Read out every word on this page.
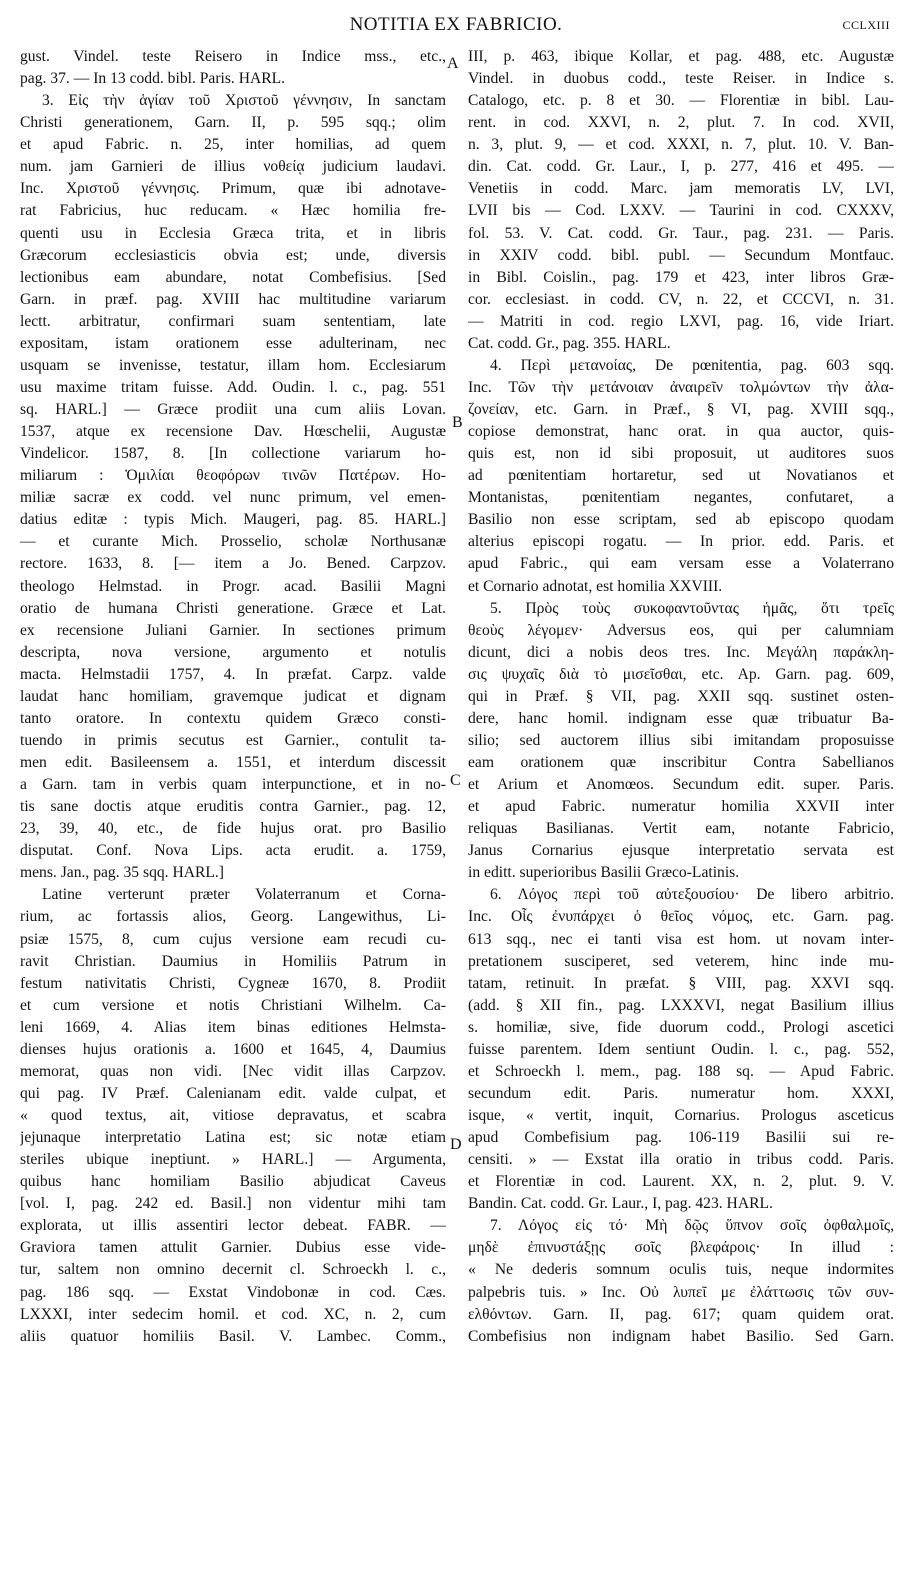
NOTITIA EX FABRICIO.	CCLXIII
gust. Vindel. teste Reisero in Indice mss., etc.,
pag. 37. — In 13 codd. bibl. Paris. HARL.
3. Εἰς τὴν ἁγίαν τοῦ Χριστοῦ γέννησιν, In sanctam
Christi generationem, Garn. II, p. 595 sqq.; olim
et apud Fabric. n. 25, inter homilias, ad quem
num. jam Garnieri de illius νοθείᾳ judicium laudavi.
Inc. Χριστοῦ γέννησις. Primum, quæ ibi adnotave-
rat Fabricius, huc reducam. « Hæc homilia fre-
quenti usu in Ecclesia Græca trita, et in libris
Græcorum ecclesiasticis obvia est; unde, diversis
lectionibus eam abundare, notat Combefisius. [Sed
Garn. in præf. pag. XVIII hac multitudine variarum
lectt. arbitratur, confirmari suam sententiam, late
expositam, istam orationem esse adulterinam, nec
usquam se invenisse, testatur, illam hom. Ecclesiarum
usu maxime tritam fuisse. Add. Oudin. l. c., pag. 551
sq. HARL.] — Græce prodiit una cum aliis Lovan.
1537, atque ex recensione Dav. Hœschelii, Augustæ
Vindelicor. 1587, 8. [In collectione variarum ho-
miliarum : Ὁμιλίαι θεοφόρων τινῶν Πατέρων. Ho-
miliæ sacræ ex codd. vel nunc primum, vel emen-
datius editæ : typis Mich. Maugeri, pag. 85. HARL.]
— et curante Mich. Prosselio, scholæ Northusanæ
rectore. 1633, 8. [— item a Jo. Bened. Carpzov.
theologo Helmstad. in Progr. acad. Basilii Magni
oratio de humana Christi generatione. Græce et Lat.
ex recensione Juliani Garnier. In sectiones primum
descripta, nova versione, argumento et notulis
macta. Helmstadii 1757, 4. In præfat. Carpz. valde
laudat hanc homiliam, gravemque judicat et dignam
tanto oratore. In contextu quidem Græco consti-
tuendo in primis secutus est Garnier., contulit ta-
men edit. Basileensem a. 1551, et interdum discessit
a Garn. tam in verbis quam interpunctione, et in no-
tis sane doctis atque eruditis contra Garnier., pag. 12,
23, 39, 40, etc., de fide hujus orat. pro Basilio
disputat. Conf. Nova Lips. acta erudit. a. 1759,
mens. Jan., pag. 35 sqq. HARL.]
Latine verterunt præter Volaterranum et Corna-
rium, ac fortassis alios, Georg. Langewithus, Li-
psiæ 1575, 8, cum cujus versione eam recudi cu-
ravit Christian. Daumius in Homiliis Patrum in
festum nativitatis Christi, Cygneæ 1670, 8. Prodiit
et cum versione et notis Christiani Wilhelm. Ca-
leni 1669, 4. Alias item binas editiones Helmsta-
dienses hujus orationis a. 1600 et 1645, 4, Daumius
memorat, quas non vidi. [Nec vidit illas Carpzov.
qui pag. IV Præf. Calenianam edit. valde culpat, et
« quod textus, ait, vitiose depravatus, et scabra
jejunaque interpretatio Latina est; sic notæ etiam
steriles ubique ineptiunt. » HARL.] — Argumenta,
quibus hanc homiliam Basilio abjudicat Caveus
[vol. I, pag. 242 ed. Basil.] non videntur mihi tam
explorata, ut illis assentiri lector debeat. FABR. —
Graviora tamen attulit Garnier. Dubius esse vide-
tur, saltem non omnino decernit cl. Schroeckh l. c.,
pag. 186 sqq. — Exstat Vindobonæ in cod. Cæs.
LXXXI, inter sedecim homil. et cod. XC, n. 2, cum
aliis quatuor homiliis Basil. V. Lambec. Comm.,
III, p. 463, ibique Kollar, et pag. 488, etc. Augustæ
Vindel. in duobus codd., teste Reiser. in Indice s.
Catalogo, etc. p. 8 et 30. — Florentiæ in bibl. Lau-
rent. in cod. XXVI, n. 2, plut. 7. In cod. XVII,
n. 3, plut. 9, — et cod. XXXI, n. 7, plut. 10. V. Ban-
din. Cat. codd. Gr. Laur., I, p. 277, 416 et 495. —
Venetiis in codd. Marc. jam memoratis LV, LVI,
LVII bis — Cod. LXXV. — Taurini in cod. CXXXV,
fol. 53. V. Cat. codd. Gr. Taur., pag. 231. — Paris.
in XXIV codd. bibl. publ. — Secundum Montfauc.
in Bibl. Coislin., pag. 179 et 423, inter libros Græ-
cor. ecclesiast. in codd. CV, n. 22, et CCCVI, n. 31.
— Matriti in cod. regio LXVI, pag. 16, vide Iriart.
Cat. codd. Gr., pag. 355. HARL.
4. Περὶ μετανοίας, De pœnitentia, pag. 603 sqq.
Inc. Τῶν τὴν μετάνοιαν ἀναιρεῖν τολμώντων τὴν ἀλα-
ζονείαν, etc. Garn. in Præf., § VI, pag. XVIII sqq.,
copiose demonstrat, hanc orat. in qua auctor, quis-
quis est, non id sibi proposuit, ut auditores suos
ad pœnitentiam hortaretur, sed ut Novatianos et
Montanistas, pœnitentiam negantes, confutaret, a
Basilio non esse scriptam, sed ab episcopo quodam
alterius episcopi rogatu. — In prior. edd. Paris. et
apud Fabric., qui eam versam esse a Volaterrano
et Cornario adnotat, est homilia XXVIII.
5. Πρὸς τοὺς συκοφαντοῦντας ἡμᾶς, ὅτι τρεῖς
θεοὺς λέγομεν· Adversus eos, qui per calumniam
dicunt, dici a nobis deos tres. Inc. Μεγάλη παράκλη-
σις ψυχαῖς διὰ τὸ μισεῖσθαι, etc. Ap. Garn. pag. 609,
qui in Præf. § VII, pag. XXII sqq. sustinet osten-
dere, hanc homil. indignam esse quæ tribuatur Ba-
silio; sed auctorem illius sibi imitandam proposuisse
eam orationem quæ inscribitur Contra Sabellianos
et Arium et Anomœos. Secundum edit. super. Paris.
et apud Fabric. numeratur homilia XXVII inter
reliquas Basilianas. Vertit eam, notante Fabricio,
Janus Cornarius ejusque interpretatio servata est
in editt. superioribus Basilii Græco-Latinis.
6. Λόγος περὶ τοῦ αὐτεξουσίου· De libero arbitrio.
Inc. Οἷς ἐνυπάρχει ὁ θεῖος νόμος, etc. Garn. pag.
613 sqq., nec ei tanti visa est hom. ut novam inter-
pretationem susciperet, sed veterem, hinc inde mu-
tatam, retinuit. In præfat. § VIII, pag. XXVI sqq.
(add. § XII fin., pag. LXXXVI, negat Basilium illius
s. homiliæ, sive, fide duorum codd., Prologi ascetici
fuisse parentem. Idem sentiunt Oudin. l. c., pag. 552,
et Schroeckh l. mem., pag. 188 sq. — Apud Fabric.
secundum edit. Paris. numeratur hom. XXXI,
isque, « vertit, inquit, Cornarius. Prologus asceticus
apud Combefisium pag. 106-119 Basilii sui re-
censiti. » — Exstat illa oratio in tribus codd. Paris.
et Florentiæ in cod. Laurent. XX, n. 2, plut. 9. V.
Bandin. Cat. codd. Gr. Laur., I, pag. 423. HARL.
7. Λόγος εἰς τό· Μὴ δῷς ὕπνον σοῖς ὀφθαλμοῖς,
μηδὲ ἐπινυστάξῃς σοῖς βλεφάροις· In illud :
« Ne dederis somnum oculis tuis, neque indormites
palpebris tuis. » Inc. Οὐ λυπεῖ με ἐλάττωσις τῶν συν-
ελθόντων. Garn. II, pag. 617; quam quidem orat.
Combefisius non indignam habet Basilio. Sed Garn.
A
B
C
D
